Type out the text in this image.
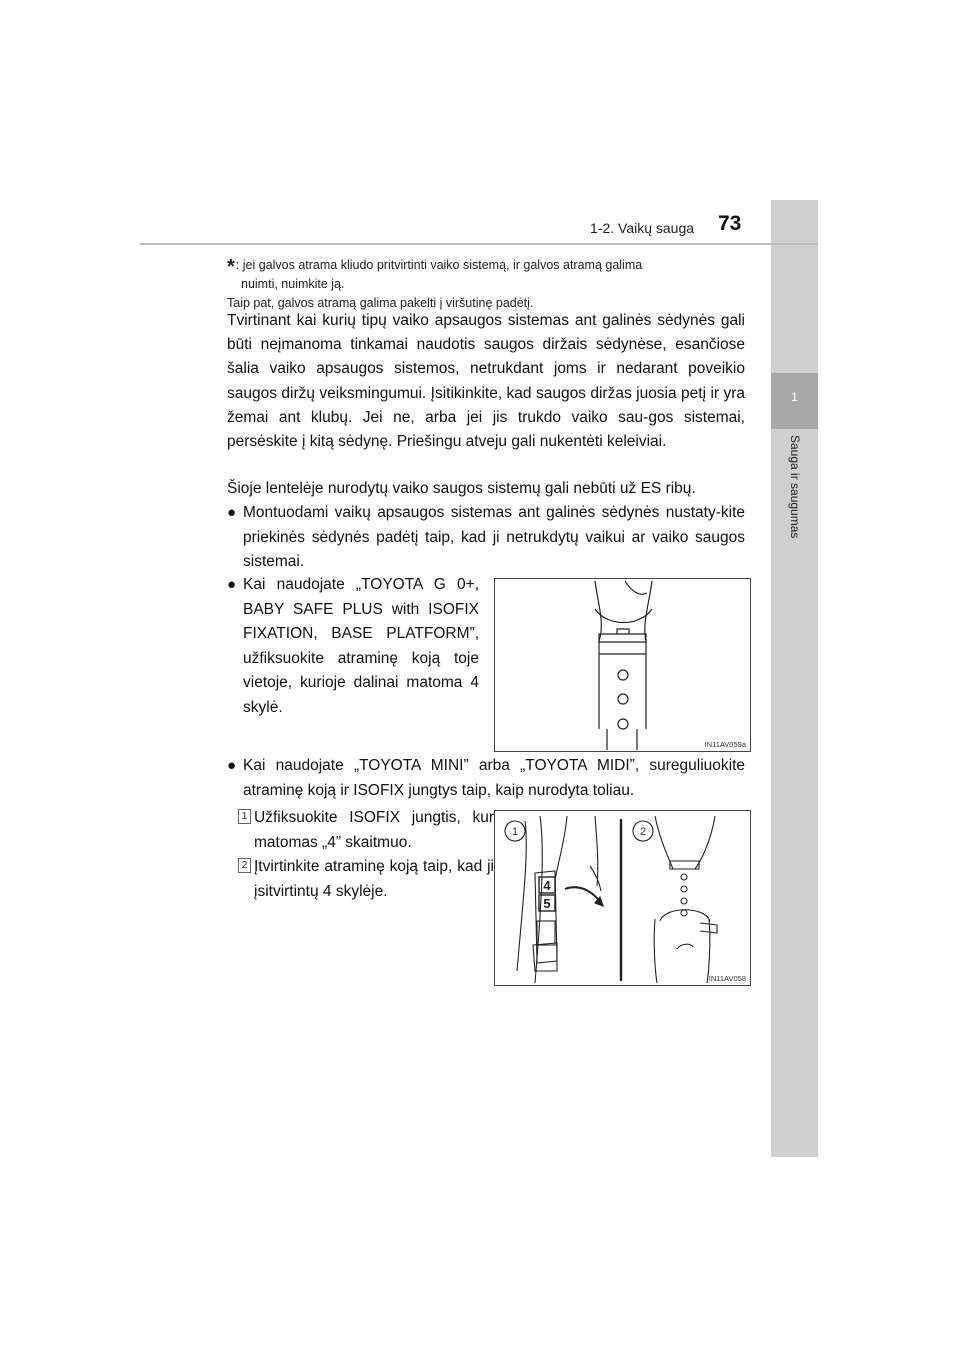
1
Sauga ir saugumas
1-2. Vaikų sauga 73
*: jei galvos atrama kliudo pritvirtinti vaiko sistemą, ir galvos atramą galima
nuimti, nuimkite ją.
Taip pat, galvos atramą galima pakelti į viršutinę padėtį.
Tvirtinant kai kurių tipų vaiko apsaugos sistemas ant galinės sėdynės gali būti neįmanoma tinkamai naudotis saugos diržais sėdynėse, esančiose šalia vaiko apsaugos sistemos, netrukdant joms ir nedarant poveikio saugos diržų veiksmingumui. Įsitikinkite, kad saugos diržas juosia petį ir yra žemai ant klubų. Jei ne, arba jei jis trukdo vaiko sau-gos sistemai, persėskite į kitą sėdynę. Priešingu atveju gali nukentėti keleiviai.
Šioje lentelėje nurodytų vaiko saugos sistemų gali nebūti už ES ribų.
● Montuodami vaikų apsaugos sistemas ant galinės sėdynės nustaty-kite priekinės sėdynės padėtį taip, kad ji netrukdytų vaikui ar vaiko saugos sistemai.
● Kai naudojate „TOYOTA G 0+, BABY SAFE PLUS with ISOFIX FIXATION, BASE PLATFORM”, užfiksuokite atraminę koją toje vietoje, kurioje dalinai matoma 4 skylė.
IN11AV059a
● Kai naudojate „TOYOTA MINI” arba „TOYOTA MIDI”, sureguliuokite atraminę koją ir ISOFIX jungtys taip, kaip nurodyta toliau.
1 Užfiksuokite ISOFIX jungtis, kur matomas „4” skaitmuo.
2 Įtvirtinkite atraminę koją taip, kad ji įsitvirtintų 4 skylėje.
1	2
4
5
IN11AV058
